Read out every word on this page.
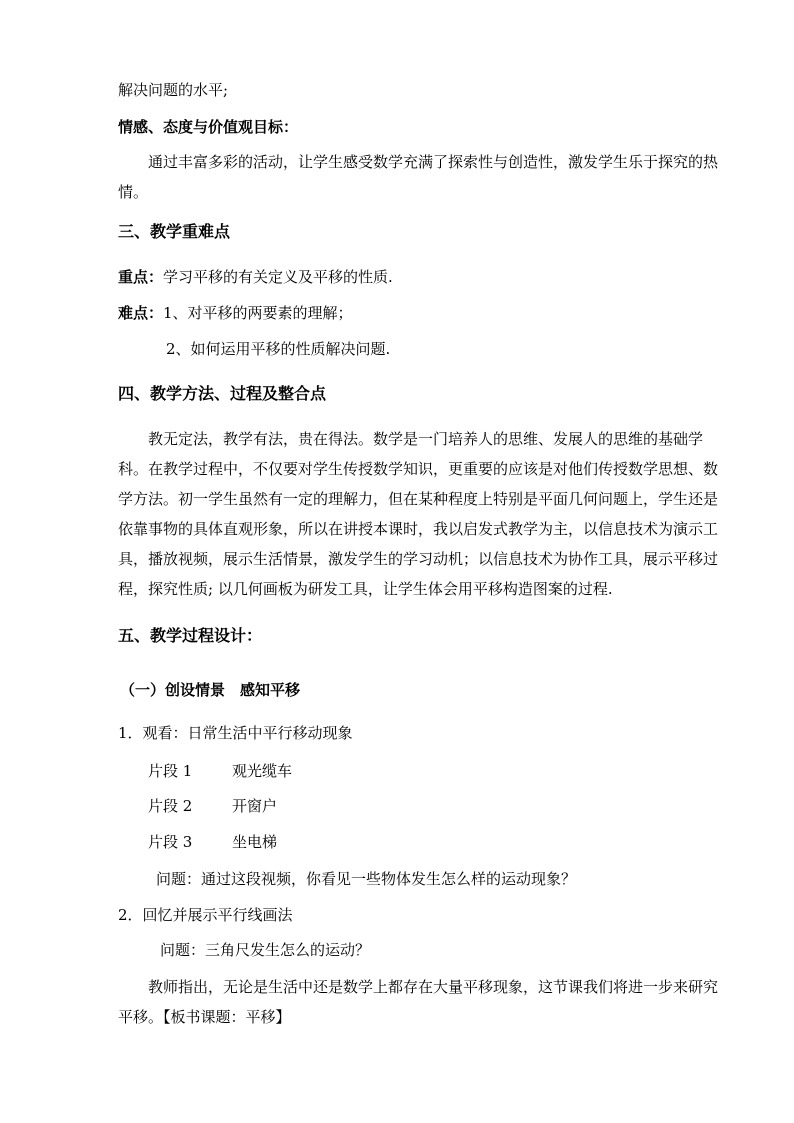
解决问题的水平;
情感、态度与价值观目标：
通过丰富多彩的活动，让学生感受数学充满了探索性与创造性，激发学生乐于探究的热情。
三、教学重难点
重点：学习平移的有关定义及平移的性质.
难点：1、对平移的两要素的理解；
2、如何运用平移的性质解决问题.
四、教学方法、过程及整合点
教无定法，教学有法，贵在得法。数学是一门培养人的思维、发展人的思维的基础学科。在教学过程中，不仅要对学生传授数学知识，更重要的应该是对他们传授数学思想、数学方法。初一学生虽然有一定的理解力，但在某种程度上特别是平面几何问题上，学生还是依靠事物的具体直观形象，所以在讲授本课时，我以启发式教学为主，以信息技术为演示工具，播放视频，展示生活情景，激发学生的学习动机；以信息技术为协作工具，展示平移过程，探究性质; 以几何画板为研发工具，让学生体会用平移构造图案的过程.
五、教学过程设计：
（一）创设情景　感知平移
1．观看：日常生活中平行移动现象
片段 1	观光缆车
片段 2	开窗户
片段 3	坐电梯
问题：通过这段视频，你看见一些物体发生怎么样的运动现象？
2．回忆并展示平行线画法
问题：三角尺发生怎么的运动？
教师指出，无论是生活中还是数学上都存在大量平移现象，这节课我们将进一步来研究平移。【板书课题：平移】
